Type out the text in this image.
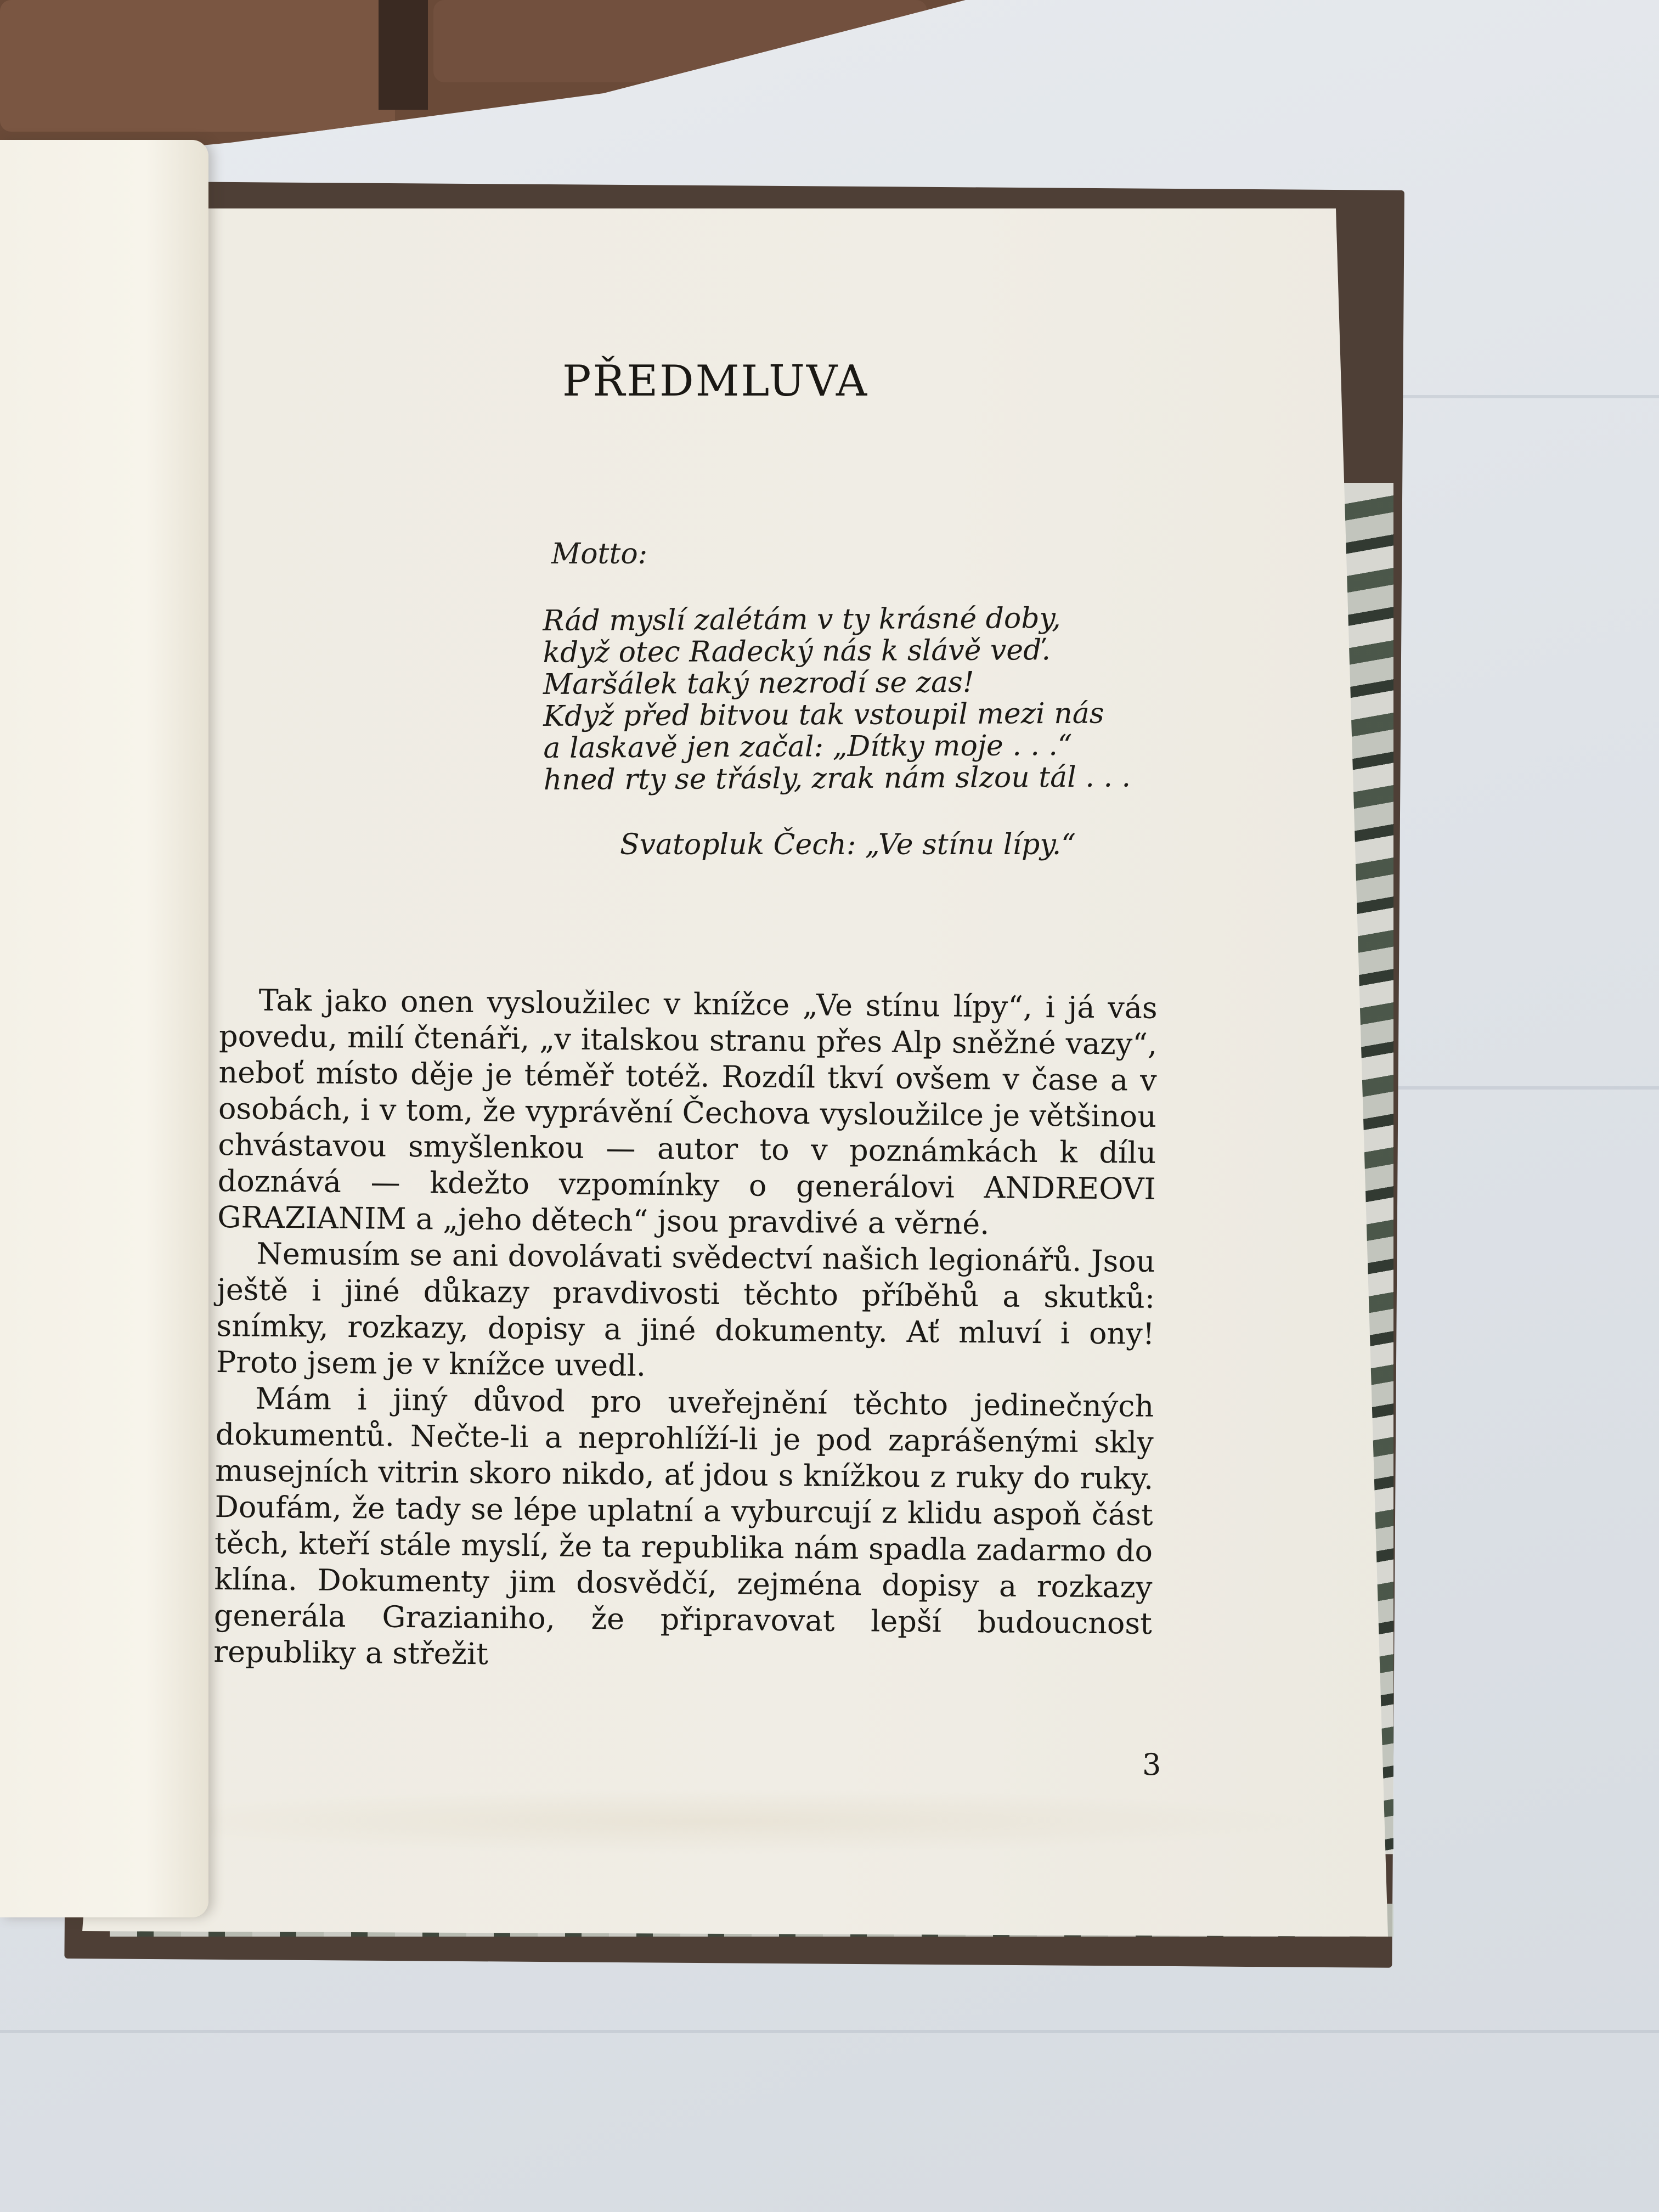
PŘEDMLUVA
Motto:
Rád myslí zalétám v ty krásné doby,
když otec Radecký nás k slávě veď.
Maršálek taký nezrodí se zas!
Když před bitvou tak vstoupil mezi nás
a laskavě jen začal: „Dítky moje . . .“
hned rty se třásly, zrak nám slzou tál . . .
Svatopluk Čech: „Ve stínu lípy.“

Tak jako onen vysloužilec v knížce „Ve stínu lípy“, i já vás povedu, milí čtenáři, „v italskou stranu přes Alp sněžné vazy“, neboť místo děje je téměř totéž. Rozdíl tkví ovšem v čase a v osobách, i v tom, že vyprávění Čechova vysloužilce je většinou chvástavou smyšlenkou — autor to v poznámkách k dílu doznává — kdežto vzpomínky o generálovi ANDREOVI GRAZIANIM a „jeho dětech“ jsou pravdivé a věrné.

Nemusím se ani dovolávati svědectví našich legionářů. Jsou ještě i jiné důkazy pravdivosti těchto příběhů a skutků: snímky, rozkazy, dopisy a jiné dokumenty. Ať mluví i ony! Proto jsem je v knížce uvedl.

Mám i jiný důvod pro uveřejnění těchto jedinečných dokumentů. Nečte-li a neprohlíží-li je pod zaprášenými skly musejních vitrin skoro nikdo, ať jdou s knížkou z ruky do ruky. Doufám, že tady se lépe uplatní a vyburcují z klidu aspoň část těch, kteří stále myslí, že ta republika nám spadla zadarmo do klína. Dokumenty jim dosvědčí, zejména dopisy a rozkazy generála Grazianiho, že připravovat lepší budoucnost republiky a střežit

3
